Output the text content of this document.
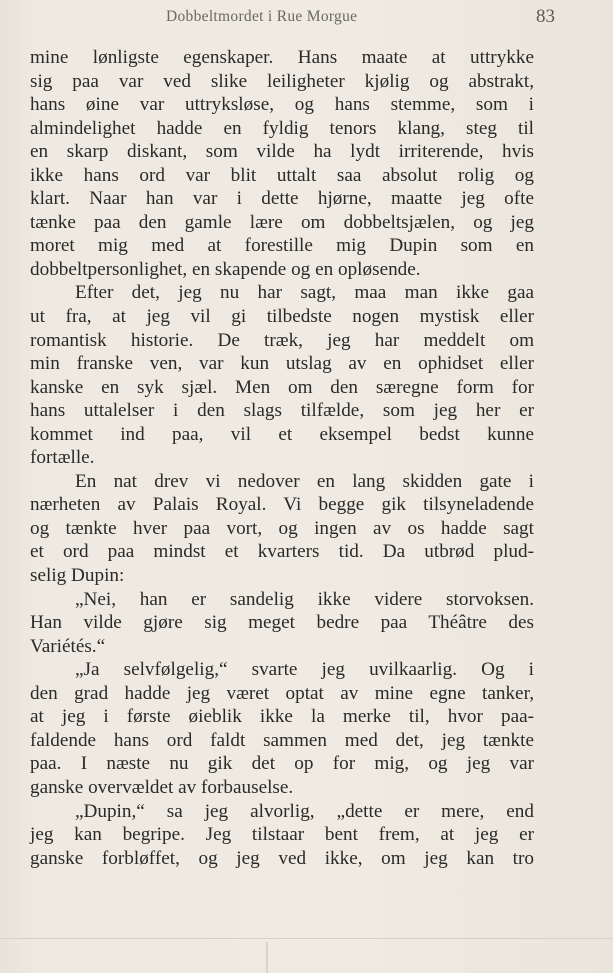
Dobbeltmordet i Rue Morgue	83
mine lønligste egenskaper. Hans maate at uttrykke
sig paa var ved slike leiligheter kjølig og abstrakt,
hans øine var uttryksløse, og hans stemme, som i
almindelighet hadde en fyldig tenors klang, steg til
en skarp diskant, som vilde ha lydt irriterende, hvis
ikke hans ord var blit uttalt saa absolut rolig og
klart. Naar han var i dette hjørne, maatte jeg ofte
tænke paa den gamle lære om dobbeltsjælen, og jeg
moret mig med at forestille mig Dupin som en
dobbeltpersonlighet, en skapende og en opløsende.
Efter det, jeg nu har sagt, maa man ikke gaa
ut fra, at jeg vil gi tilbedste nogen mystisk eller
romantisk historie. De træk, jeg har meddelt om
min franske ven, var kun utslag av en ophidset eller
kanske en syk sjæl. Men om den særegne form for
hans uttalelser i den slags tilfælde, som jeg her er
kommet ind paa, vil et eksempel bedst kunne
fortælle.
En nat drev vi nedover en lang skidden gate i
nærheten av Palais Royal. Vi begge gik tilsyneladende
og tænkte hver paa vort, og ingen av os hadde sagt
et ord paa mindst et kvarters tid. Da utbrød plud-
selig Dupin:
„Nei, han er sandelig ikke videre storvoksen.
Han vilde gjøre sig meget bedre paa Théâtre des
Variétés.“
„Ja selvfølgelig,“ svarte jeg uvilkaarlig. Og i
den grad hadde jeg været optat av mine egne tanker,
at jeg i første øieblik ikke la merke til, hvor paa-
faldende hans ord faldt sammen med det, jeg tænkte
paa. I næste nu gik det op for mig, og jeg var
ganske overvældet av forbauselse.
„Dupin,“ sa jeg alvorlig, „dette er mere, end
jeg kan begripe. Jeg tilstaar bent frem, at jeg er
ganske forbløffet, og jeg ved ikke, om jeg kan tro
